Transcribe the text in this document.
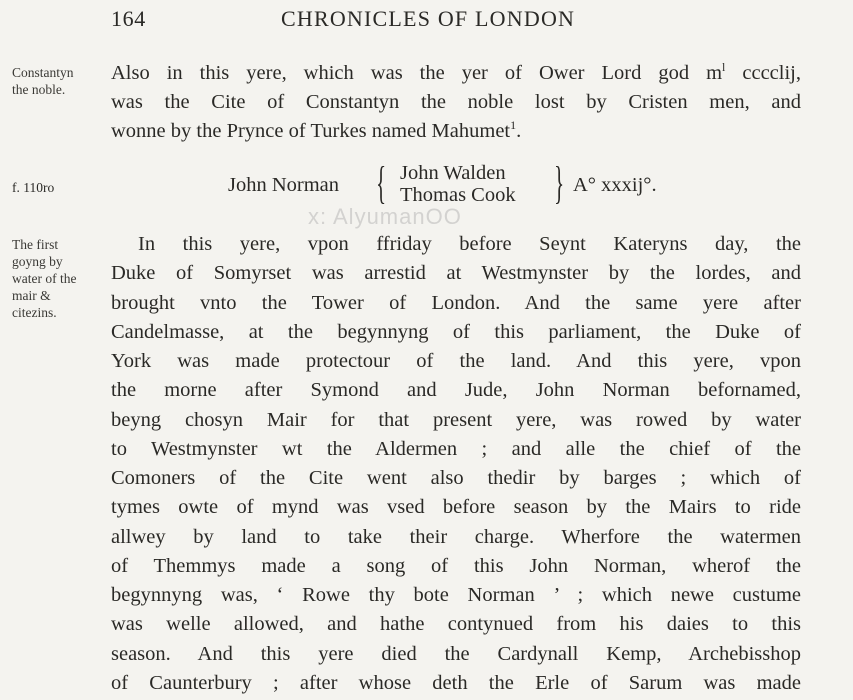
164	CHRONICLES OF LONDON
Constantyn
the noble.
Also in this yere, which was the yer of Ower Lord god $m^l$ cccclij,
was the Cite of Constantyn the noble lost by Cristen men, and
wonne by the Prynce of Turkes named Mahumet$^1$.
f. 110ro	John Norman { John Walden
Thomas Cook } A° xxxij°.
x: AlyumanOO
The first
goyng by
water of the
mair &
citezins.
In this yere, vpon ffriday before Seynt Kateryns day, the
Duke of Somyrset was arrestid at Westmynster by the lordes, and
brought vnto the Tower of London. And the same yere after
Candelmasse, at the begynnyng of this parliament, the Duke of
York was made protectour of the land. And this yere, vpon
the morne after Symond and Jude, John Norman befornamed,
beyng chosyn Mair for that present yere, was rowed by water
to Westmynster wt the Aldermen ; and alle the chief of the
Comoners of the Cite went also thedir by barges ; which of
tymes owte of mynd was vsed before season by the Mairs to ride
allwey by land to take their charge. Wherfore the watermen
of Themmys made a song of this John Norman, wherof the
begynnyng was, ‘ Rowe thy bote Norman ’ ; which newe custume
was welle allowed, and hathe contynued from his daies to this
season. And this yere died the Cardynall Kemp, Archebisshop
of Caunterbury ; after whose deth the Erle of Sarum was made
